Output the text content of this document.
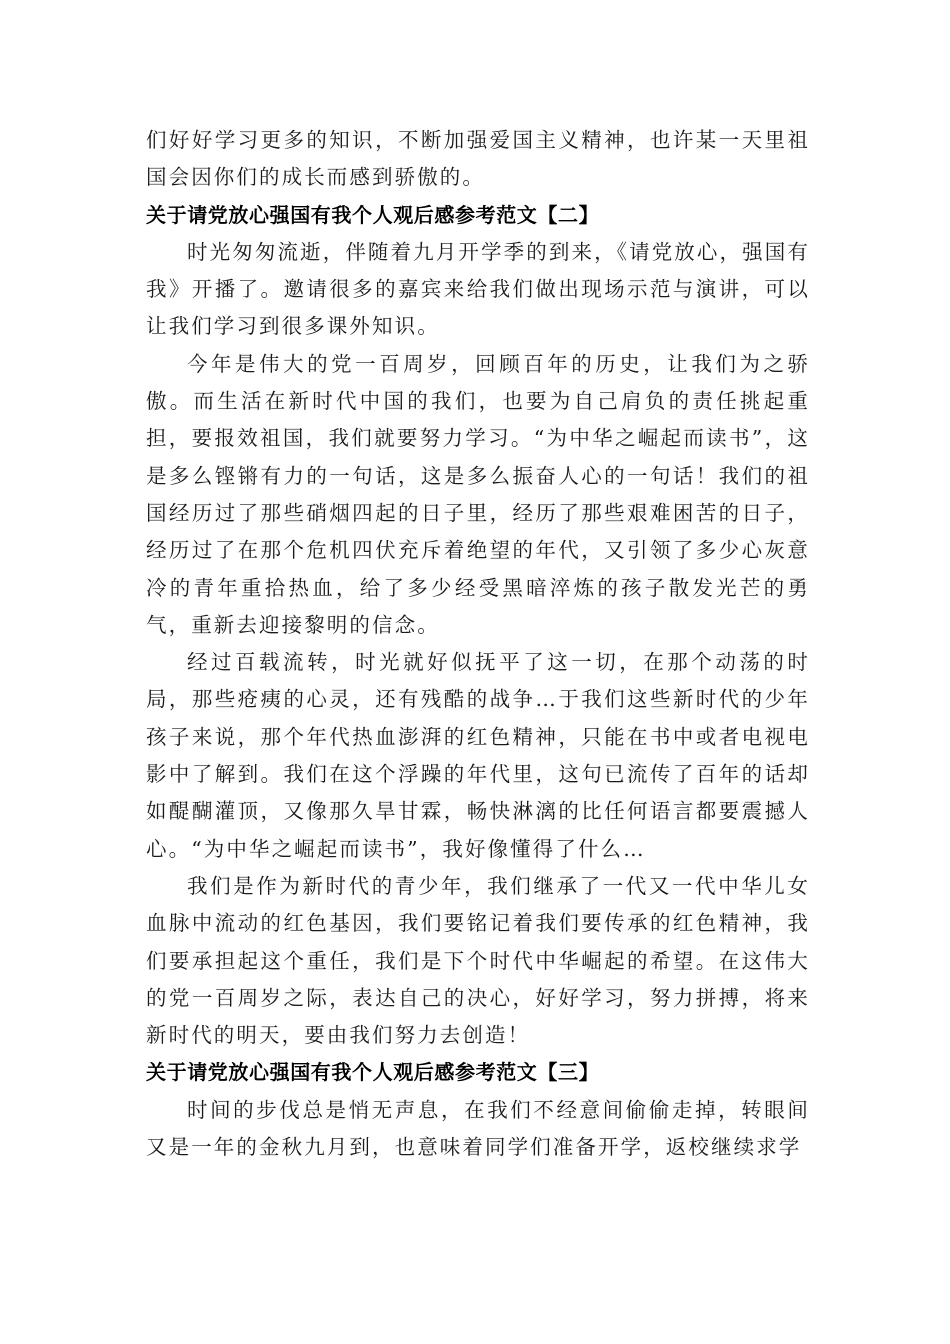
们好好学习更多的知识，不断加强爱国主义精神，也许某一天里祖国会因你们的成长而感到骄傲的。

关于请党放心强国有我个人观后感参考范文【二】

时光匆匆流逝，伴随着九月开学季的到来，《请党放心，强国有我》开播了。邀请很多的嘉宾来给我们做出现场示范与演讲，可以让我们学习到很多课外知识。

今年是伟大的党一百周岁，回顾百年的历史，让我们为之骄傲。而生活在新时代中国的我们，也要为自己肩负的责任挑起重担，要报效祖国，我们就要努力学习。“为中华之崛起而读书”，这是多么铿锵有力的一句话，这是多么振奋人心的一句话！我们的祖国经历过了那些硝烟四起的日子里，经历了那些艰难困苦的日子，经历过了在那个危机四伏充斥着绝望的年代，又引领了多少心灰意冷的青年重拾热血，给了多少经受黑暗淬炼的孩子散发光芒的勇气，重新去迎接黎明的信念。

经过百载流转，时光就好似抚平了这一切，在那个动荡的时局，那些疮痍的心灵，还有残酷的战争…于我们这些新时代的少年孩子来说，那个年代热血澎湃的红色精神，只能在书中或者电视电影中了解到。我们在这个浮躁的年代里，这句已流传了百年的话却如醍醐灌顶，又像那久旱甘霖，畅快淋漓的比任何语言都要震撼人心。“为中华之崛起而读书”，我好像懂得了什么…

我们是作为新时代的青少年，我们继承了一代又一代中华儿女血脉中流动的红色基因，我们要铭记着我们要传承的红色精神，我们要承担起这个重任，我们是下个时代中华崛起的希望。在这伟大的党一百周岁之际，表达自己的决心，好好学习，努力拼搏，将来新时代的明天，要由我们努力去创造！

关于请党放心强国有我个人观后感参考范文【三】

时间的步伐总是悄无声息，在我们不经意间偷偷走掉，转眼间又是一年的金秋九月到，也意味着同学们准备开学，返校继续求学
